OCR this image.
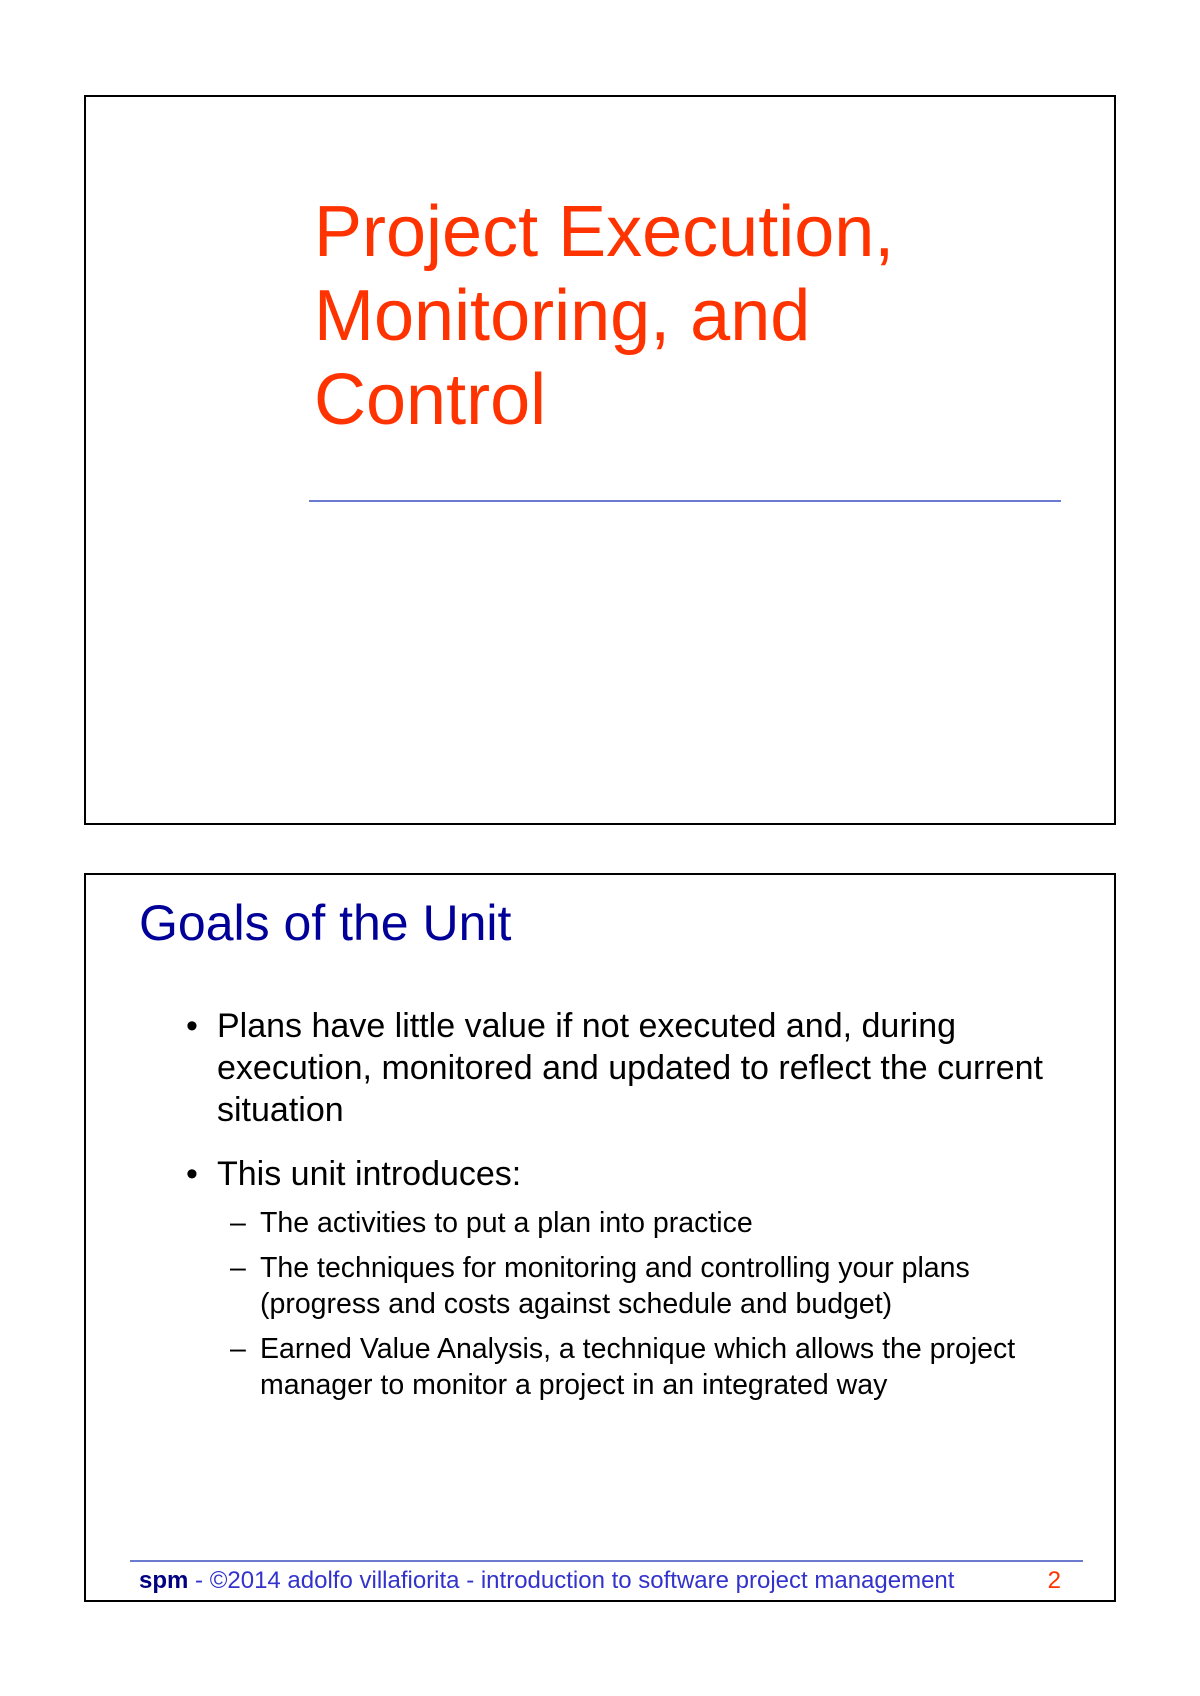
Project Execution, Monitoring, and Control
Goals of the Unit
• Plans have little value if not executed and, during execution, monitored and updated to reflect the current situation
• This unit introduces:
– The activities to put a plan into practice
– The techniques for monitoring and controlling your plans (progress and costs against schedule and budget)
– Earned Value Analysis, a technique which allows the project manager to monitor a project in an integrated way
spm - ©2014 adolfo villafiorita - introduction to software project management	2
